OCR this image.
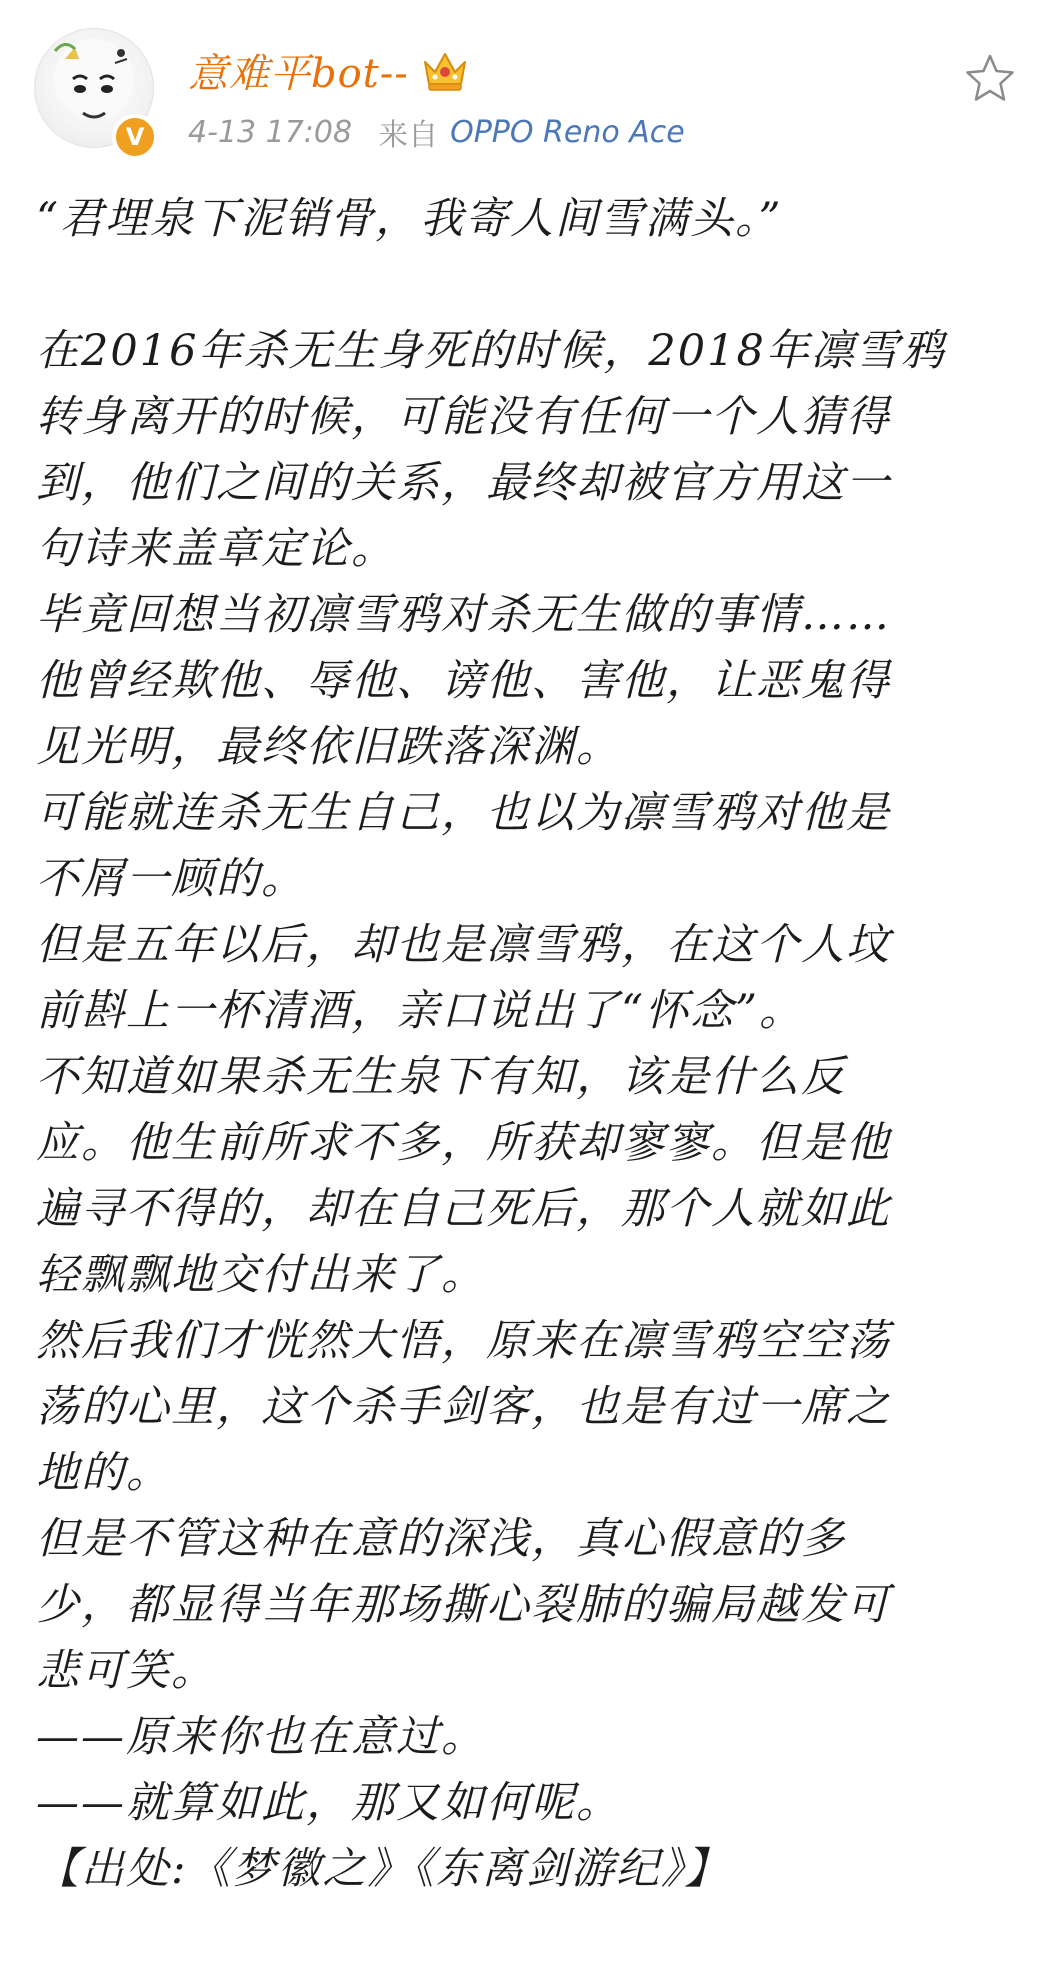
V
意难平bot--
4-13 17:08 来自 OPPO Reno Ace
“君埋泉下泥销骨，我寄人间雪满头。”
在2016年杀无生身死的时候，2018年凛雪鸦
转身离开的时候，可能没有任何一个人猜得
到，他们之间的关系，最终却被官方用这一
句诗来盖章定论。
毕竟回想当初凛雪鸦对杀无生做的事情……
他曾经欺他、辱他、谤他、害他，让恶鬼得
见光明，最终依旧跌落深渊。
可能就连杀无生自己，也以为凛雪鸦对他是
不屑一顾的。
但是五年以后，却也是凛雪鸦，在这个人坟
前斟上一杯清酒，亲口说出了“怀念”。
不知道如果杀无生泉下有知，该是什么反
应。他生前所求不多，所获却寥寥。但是他
遍寻不得的，却在自己死后，那个人就如此
轻飘飘地交付出来了。
然后我们才恍然大悟，原来在凛雪鸦空空荡
荡的心里，这个杀手剑客，也是有过一席之
地的。
但是不管这种在意的深浅，真心假意的多
少，都显得当年那场撕心裂肺的骗局越发可
悲可笑。
——原来你也在意过。
——就算如此，那又如何呢。
【出处:《梦徽之》《东离剑游纪》】
